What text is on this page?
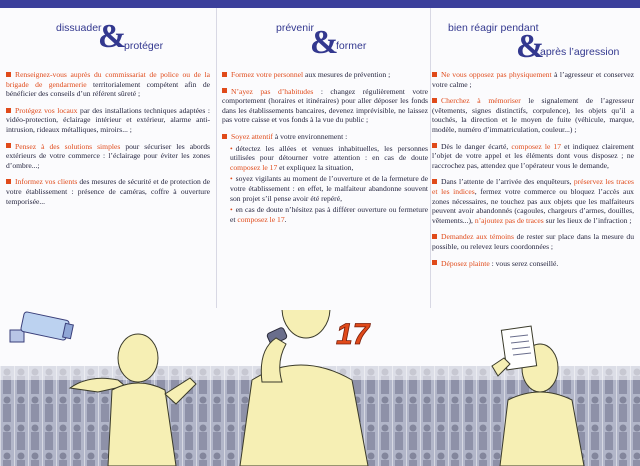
dissuader
&
protéger

Renseignez-vous auprès du commissariat de police ou de la brigade de gendarmerie territorialement compétent afin de bénéficier des conseils d’un référent sûreté ;

Protégez vos locaux par des installations techniques adaptées : vidéo-protection, éclairage intérieur et extérieur, alarme anti-intrusion, rideaux métalliques, miroirs... ;

Pensez à des solutions simples pour sécuriser les abords extérieurs de votre commerce : l’éclairage pour éviter les zones d’ombre...;

Informez vos clients des mesures de sécurité et de protection de votre établissement : présence de caméras, coffre à ouverture temporisée...

prévenir
&
former

Formez votre personnel aux mesures de prévention ;

N’ayez pas d’habitudes : changez régulièrement votre comportement (horaires et itinéraires) pour aller déposer les fonds dans les établissements bancaires, devenez imprévisible, ne laissez pas votre caisse et vos fonds à la vue du public ;

Soyez attentif à votre environnement :

• détectez les allées et venues inhabituelles, les personnes utilisées pour détourner votre attention : en cas de doute composez le 17 et expliquez la situation,

• soyez vigilants au moment de l’ouverture et de la fermeture de votre établissement : en effet, le malfaiteur abandonne souvent son projet s’il pense avoir été repéré,

• en cas de doute n’hésitez pas à différer ouverture ou fermeture et composez le 17.

bien réagir pendant
&
après l’agression

Ne vous opposez pas physiquement à l’agresseur et conservez votre calme ;

Cherchez à mémoriser le signalement de l’agresseur (vêtements, signes distinctifs, corpulence), les objets qu’il a touchés, la direction et le moyen de fuite (véhicule, marque, modèle, numéro d’immatriculation, couleur...) ;

Dès le danger écarté, composez le 17 et indiquez clairement l’objet de votre appel et les éléments dont vous disposez ; ne raccrochez pas, attendez que l’opérateur vous le demande,

Dans l’attente de l’arrivée des enquêteurs, préservez les traces et les indices, fermez votre commerce ou bloquez l’accès aux zones nécessaires, ne touchez pas aux objets que les malfaiteurs peuvent avoir abandonnés (cagoules, chargeurs d’armes, douilles, vêtements...), n’ajoutez pas de traces sur les lieux de l’infraction ;

Demandez aux témoins de rester sur place dans la mesure du possible, ou relevez leurs coordonnées ;

Déposez plainte : vous serez conseillé.

17
